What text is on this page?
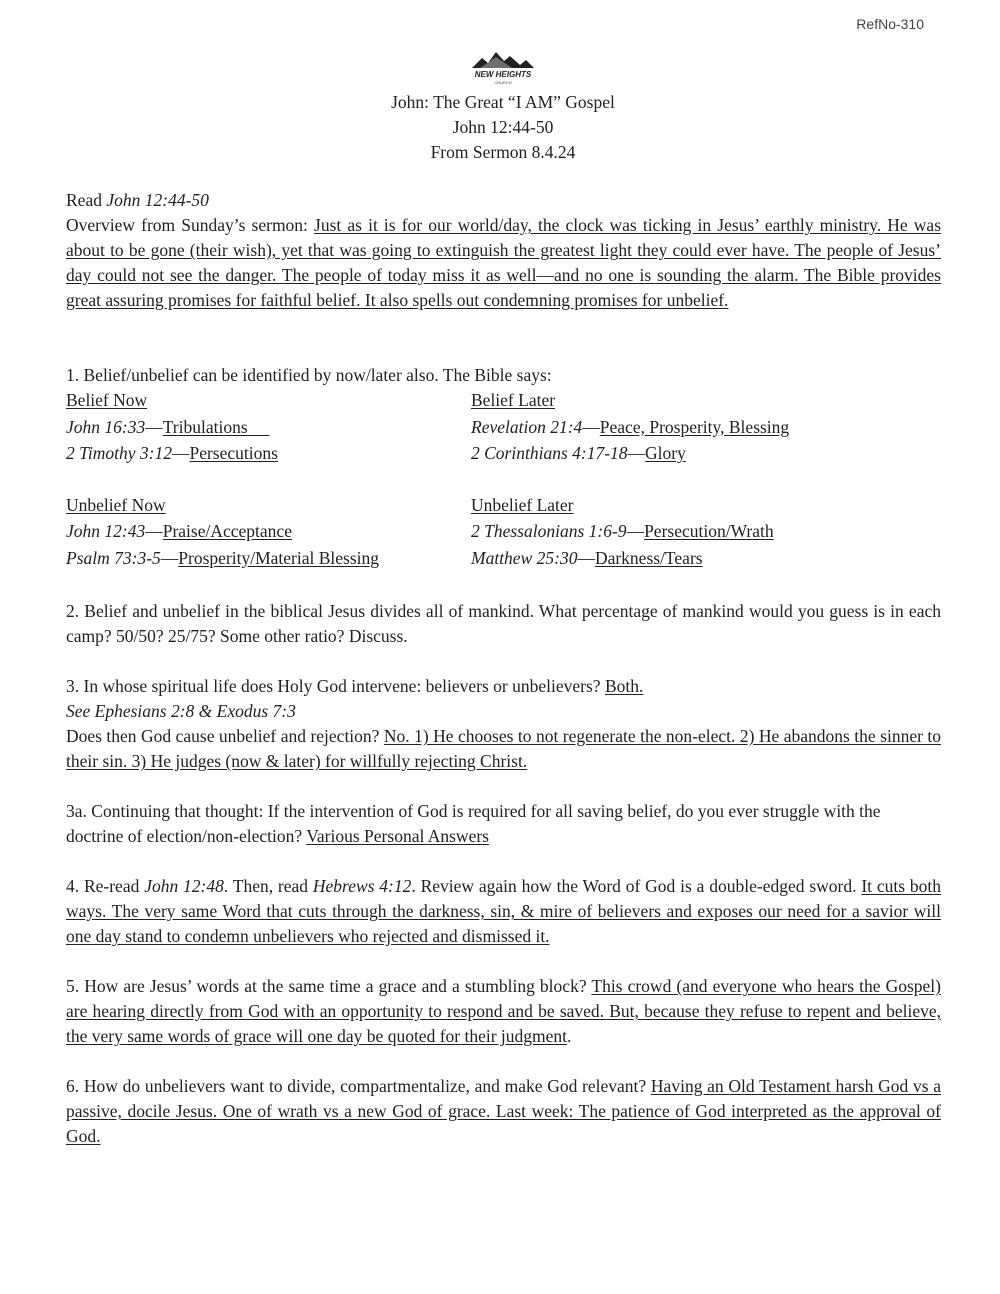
RefNo-310
NEW HEIGHTS
CHURCH
John: The Great “I AM” Gospel
John 12:44-50
From Sermon 8.4.24

Read John 12:44-50

Overview from Sunday’s sermon: Just as it is for our world/day, the clock was ticking in Jesus’ earthly ministry. He was about to be gone (their wish), yet that was going to extinguish the greatest light they could ever have. The people of Jesus’ day could not see the danger. The people of today miss it as well—and no one is sounding the alarm. The Bible provides great assuring promises for faithful belief. It also spells out condemning promises for unbelief.

1. Belief/unbelief can be identified by now/later also. The Bible says:

Belief Now
John 16:33—Tribulations
2 Timothy 3:12—Persecutions
Belief Later
Revelation 21:4—Peace, Prosperity, Blessing
2 Corinthians 4:17-18—Glory
Unbelief Now
John 12:43—Praise/Acceptance
Psalm 73:3-5—Prosperity/Material Blessing
Unbelief Later
2 Thessalonians 1:6-9—Persecution/Wrath
Matthew 25:30—Darkness/Tears

2. Belief and unbelief in the biblical Jesus divides all of mankind. What percentage of mankind would you guess is in each camp? 50/50? 25/75? Some other ratio? Discuss.

3. In whose spiritual life does Holy God intervene: believers or unbelievers? Both.

See Ephesians 2:8 & Exodus 7:3

Does then God cause unbelief and rejection? No. 1) He chooses to not regenerate the non-elect. 2) He abandons the sinner to their sin. 3) He judges (now & later) for willfully rejecting Christ.

3a. Continuing that thought: If the intervention of God is required for all saving belief, do you ever struggle with the doctrine of election/non-election? Various Personal Answers

4. Re-read John 12:48. Then, read Hebrews 4:12. Review again how the Word of God is a double-edged sword. It cuts both ways. The very same Word that cuts through the darkness, sin, & mire of believers and exposes our need for a savior will one day stand to condemn unbelievers who rejected and dismissed it.

5. How are Jesus’ words at the same time a grace and a stumbling block? This crowd (and everyone who hears the Gospel) are hearing directly from God with an opportunity to respond and be saved. But, because they refuse to repent and believe, the very same words of grace will one day be quoted for their judgment.

6. How do unbelievers want to divide, compartmentalize, and make God relevant? Having an Old Testament harsh God vs a passive, docile Jesus. One of wrath vs a new God of grace. Last week: The patience of God interpreted as the approval of God.
